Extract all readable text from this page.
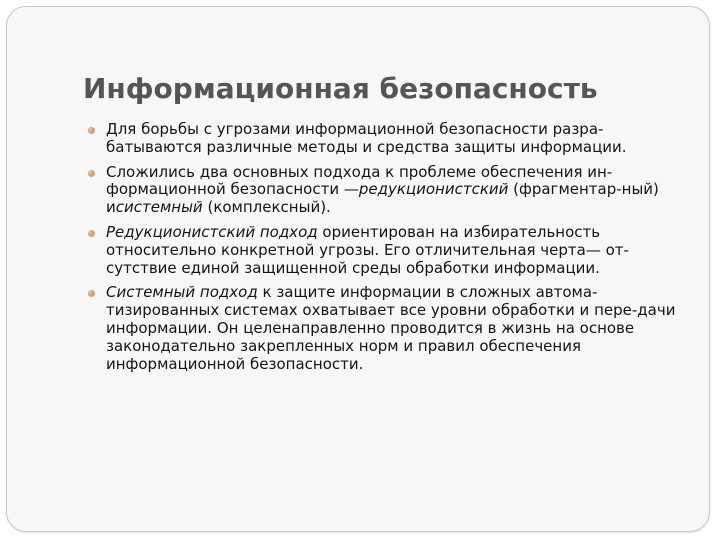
Информационная безопасность
Для борьбы с угрозами информационной безопасности разра-батываются различные методы и средства защиты информации.
Сложились два основных подхода к проблеме обеспечения ин-формационной безопасности —редукционистский (фрагментар-ный) исистемный (комплексный).
Редукционистский подход ориентирован на избирательность относительно конкретной угрозы. Его отличительная черта— от-сутствие единой защищенной среды обработки информации.
Системный подход к защите информации в сложных автома-тизированных системах охватывает все уровни обработки и пере-дачи информации. Он целенаправленно проводится в жизнь на основе законодательно закрепленных норм и правил обеспечения информационной безопасности.
